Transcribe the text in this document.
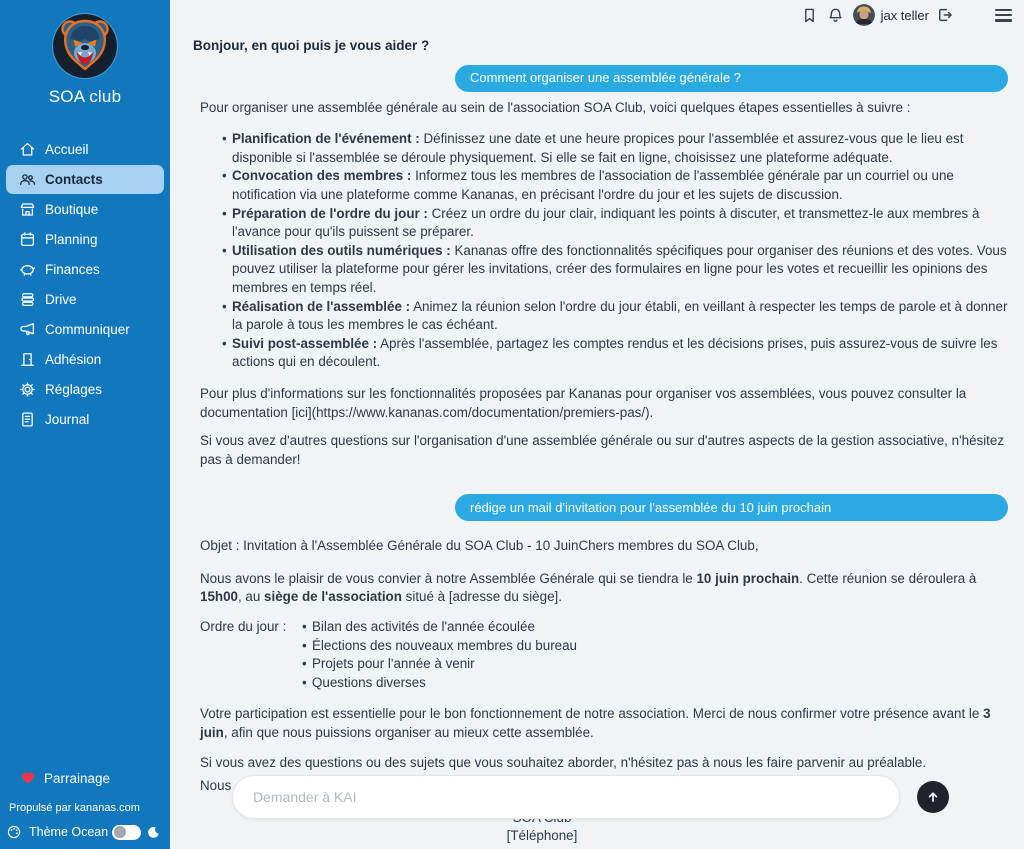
SOA club
Accueil
Contacts
Boutique
Planning
Finances
Drive
Communiquer
Adhésion
Réglages
Journal
Parrainage
Propulsé par kananas.com
Thème Ocean
jax teller

Bonjour, en quoi puis je vous aider ?

Comment organiser une assemblée générale ?

Pour organiser une assemblée générale au sein de l'association SOA Club, voici quelques étapes essentielles à suivre :

• Planification de l'événement : Définissez une date et une heure propices pour l'assemblée et assurez-vous que le lieu est disponible si l'assemblée se déroule physiquement. Si elle se fait en ligne, choisissez une plateforme adéquate.
• Convocation des membres : Informez tous les membres de l'association de l'assemblée générale par un courriel ou une notification via une plateforme comme Kananas, en précisant l'ordre du jour et les sujets de discussion.
• Préparation de l'ordre du jour : Créez un ordre du jour clair, indiquant les points à discuter, et transmettez-le aux membres à l'avance pour qu'ils puissent se préparer.
• Utilisation des outils numériques : Kananas offre des fonctionnalités spécifiques pour organiser des réunions et des votes. Vous pouvez utiliser la plateforme pour gérer les invitations, créer des formulaires en ligne pour les votes et recueillir les opinions des membres en temps réel.
• Réalisation de l'assemblée : Animez la réunion selon l'ordre du jour établi, en veillant à respecter les temps de parole et à donner la parole à tous les membres le cas échéant.
• Suivi post-assemblée : Après l'assemblée, partagez les comptes rendus et les décisions prises, puis assurez-vous de suivre les actions qui en découlent.

Pour plus d'informations sur les fonctionnalités proposées par Kananas pour organiser vos assemblées, vous pouvez consulter la documentation [ici](https://www.kananas.com/documentation/premiers-pas/).

Si vous avez d'autres questions sur l'organisation d'une assemblée générale ou sur d'autres aspects de la gestion associative, n'hésitez pas à demander!

rédige un mail d'invitation pour l'assemblée du 10 juin prochain

Objet : Invitation à l'Assemblée Générale du SOA Club - 10 JuinChers membres du SOA Club,

Nous avons le plaisir de vous convier à notre Assemblée Générale qui se tiendra le 10 juin prochain. Cette réunion se déroulera à 15h00, au siège de l'association situé à [adresse du siège].

Ordre du jour :	• Bilan des activités de l'année écoulée
• Élections des nouveaux membres du bureau
• Projets pour l'année à venir
• Questions diverses

Votre participation est essentielle pour le bon fonctionnement de notre association. Merci de nous confirmer votre présence avant le 3 juin, afin que nous puissions organiser au mieux cette assemblée.

Si vous avez des questions ou des sujets que vous souhaitez aborder, n'hésitez pas à nous les faire parvenir au préalable.

Nous
[Téléphone]
Demander à KAI
